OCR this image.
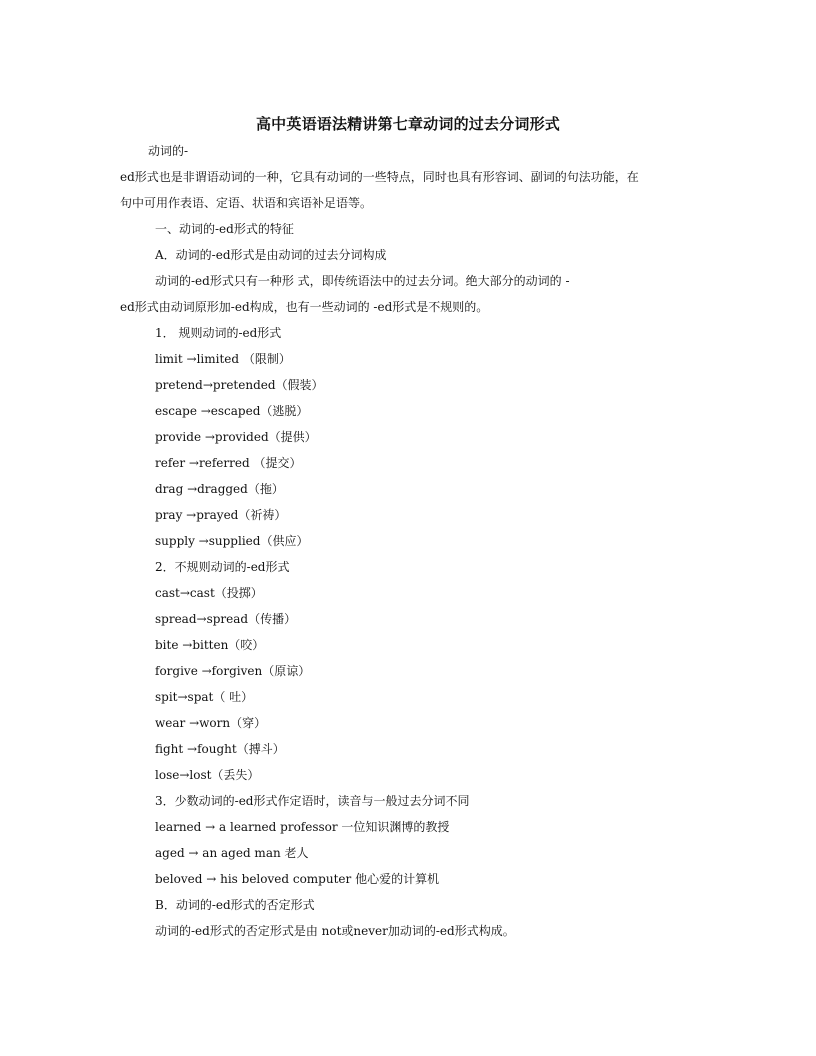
高中英语语法精讲第七章动词的过去分词形式
动词的-
ed形式也是非谓语动词的一种，它具有动词的一些特点，同时也具有形容词、副词的句法功能，在
句中可用作表语、定语、状语和宾语补足语等。
一、动词的-ed形式的特征
A．动词的-ed形式是由动词的过去分词构成
动词的-ed形式只有一种形 式，即传统语法中的过去分词。绝大部分的动词的 -
ed形式由动词原形加-ed构成，也有一些动词的 -ed形式是不规则的。
1． 规则动词的-ed形式
limit →limited （限制）
pretend→pretended（假装）
escape →escaped（逃脱）
provide →provided（提供）
refer →referred （提交）
drag →dragged（拖）
pray →prayed（祈祷）
supply →supplied（供应）
2．不规则动词的-ed形式
cast→cast（投掷）
spread→spread（传播）
bite →bitten（咬）
forgive →forgiven（原谅）
spit→spat（ 吐）
wear →worn（穿）
fight →fought（搏斗）
lose→lost（丢失）
3．少数动词的-ed形式作定语时，读音与一般过去分词不同
learned → a learned professor 一位知识渊博的教授
aged → an aged man 老人
beloved → his beloved computer 他心爱的计算机
B．动词的-ed形式的否定形式
动词的-ed形式的否定形式是由 not或never加动词的-ed形式构成。
